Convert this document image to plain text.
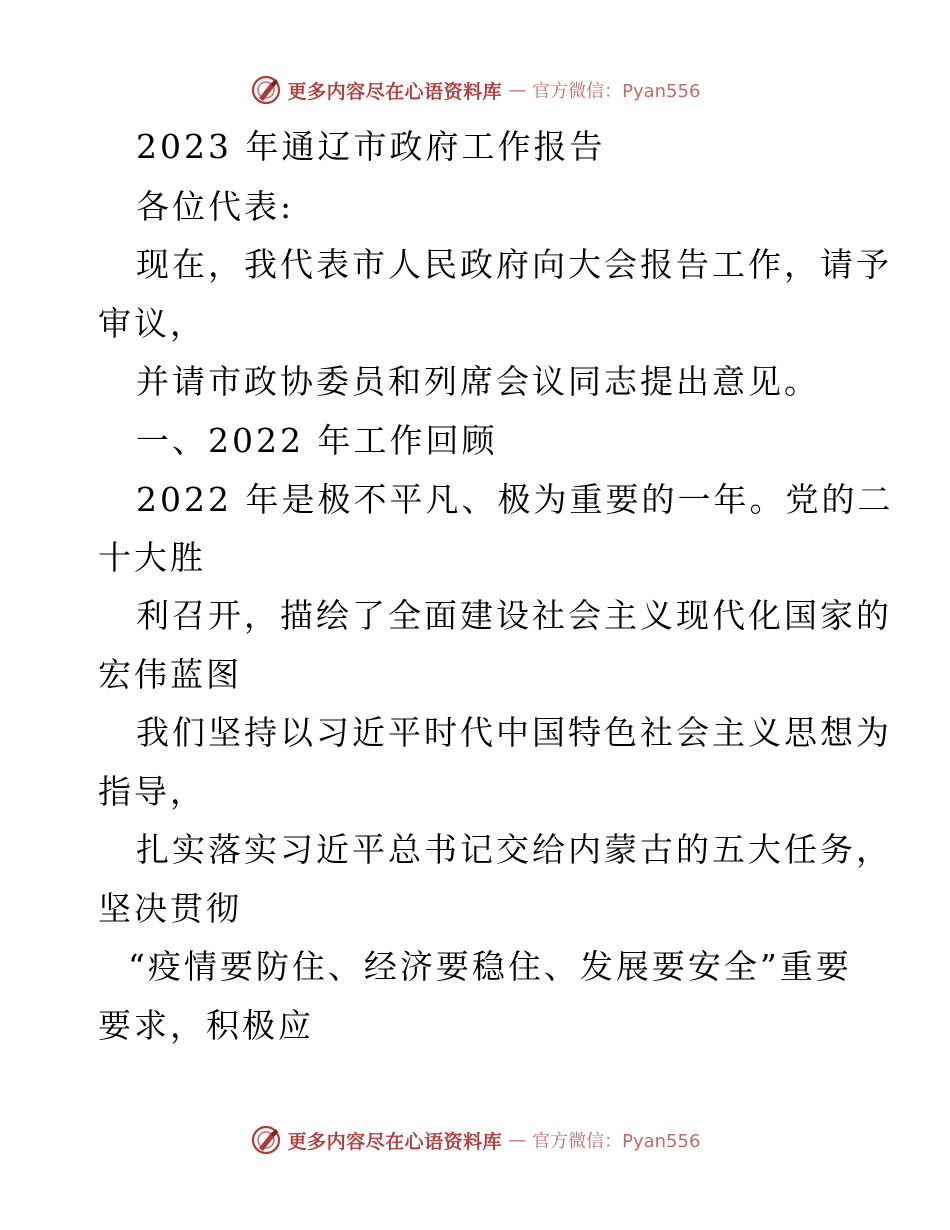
更多内容尽在心语资料库 — 官方微信：Pyan556
2023 年通辽市政府工作报告
各位代表:
现在，我代表市人民政府向大会报告工作，请予
审议，
并请市政协委员和列席会议同志提出意见。
一、2022 年工作回顾
2022 年是极不平凡、极为重要的一年。党的二
十大胜
利召开，描绘了全面建设社会主义现代化国家的
宏伟蓝图
我们坚持以习近平时代中国特色社会主义思想为
指导，
扎实落实习近平总书记交给内蒙古的五大任务，
坚决贯彻
“疫情要防住、经济要稳住、发展要安全”重要
要求，积极应
更多内容尽在心语资料库 — 官方微信：Pyan556
